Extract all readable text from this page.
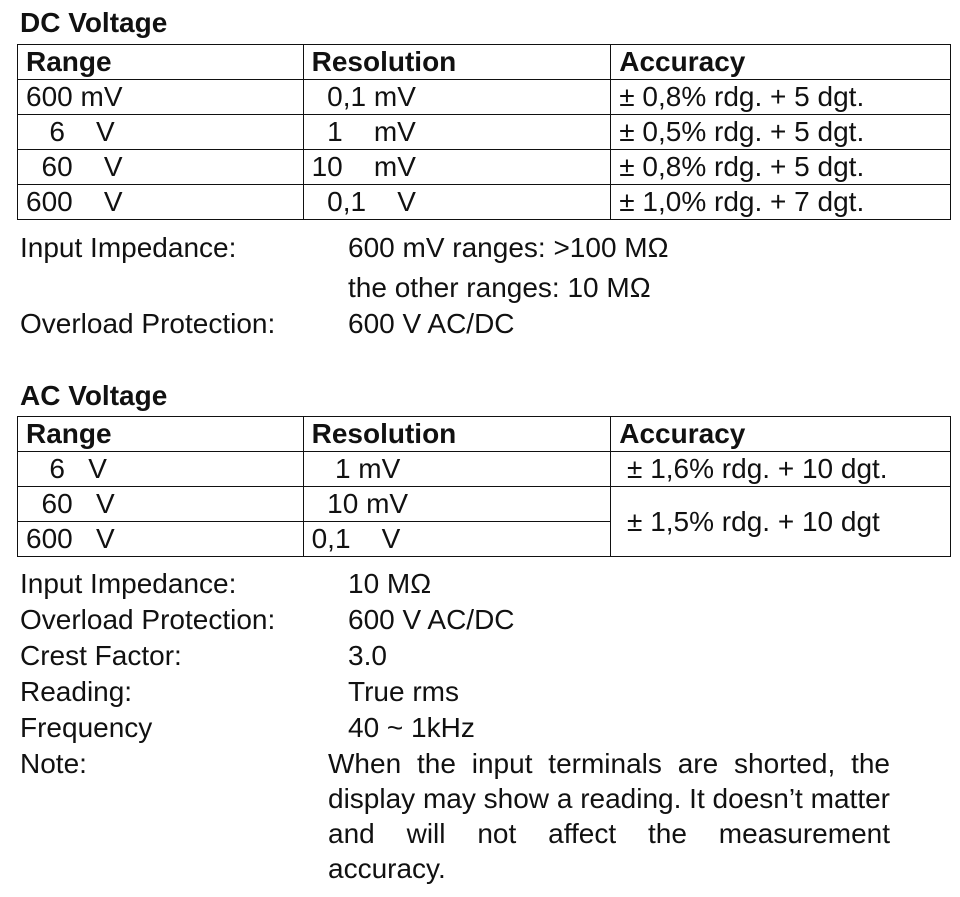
DC Voltage
Range	Resolution	Accuracy
600 mV	0,1 mV	± 0,8% rdg. + 5 dgt.
6    V	1    mV	± 0,5% rdg. + 5 dgt.
60    V	10    mV	± 0,8% rdg. + 5 dgt.
600    V	0,1    V	± 1,0% rdg. + 7 dgt.
Input Impedance:	600 mV ranges: >100 MΩ
the other ranges: 10 MΩ
Overload Protection:	600 V AC/DC
AC Voltage
Range	Resolution	Accuracy
6   V	1 mV	± 1,6% rdg. + 10 dgt.
60   V	10 mV	± 1,5% rdg. + 10 dgt
600   V	0,1    V	
Input Impedance:	10 MΩ
Overload Protection:	600 V AC/DC
Crest Factor:	3.0
Reading:	True rms
Frequency	40 ~ 1kHz
Note:	When the input terminals are shorted, the display may show a reading. It doesn’t matter and will not affect the measurement accuracy.
